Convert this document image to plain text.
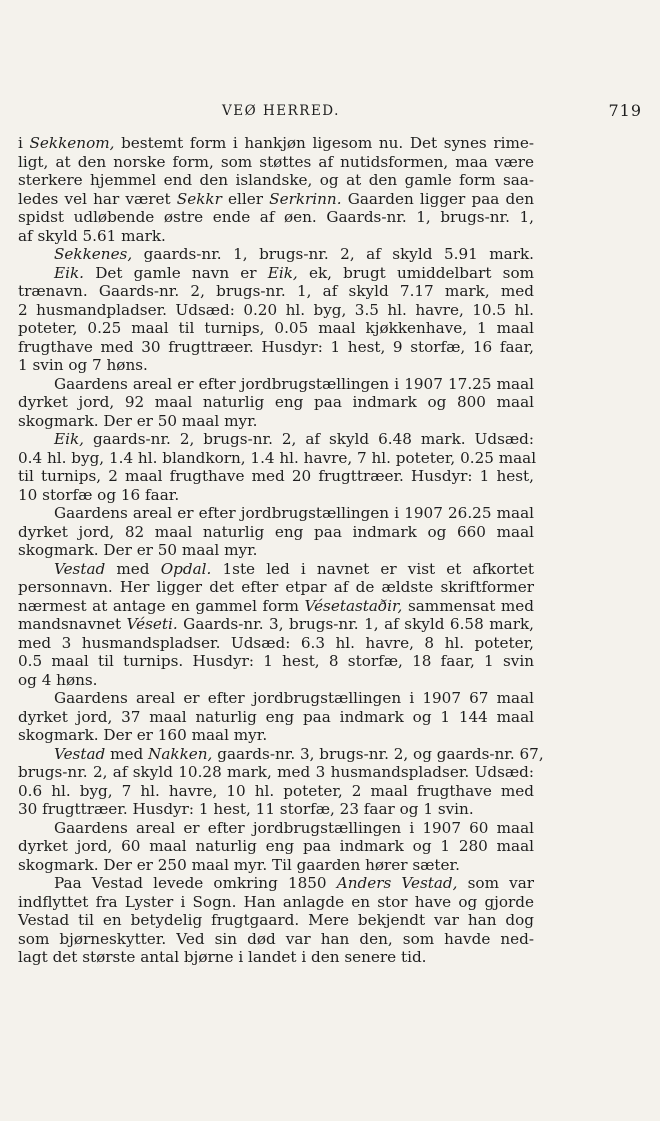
VEØ HERRED.	719
i Sekkenom, bestemt form i hankjøn ligesom nu. Det synes rime-
ligt, at den norske form, som støttes af nutidsformen, maa være
sterkere hjemmel end den islandske, og at den gamle form saa-
ledes vel har været Sekkr eller Serkrinn. Gaarden ligger paa den
spidst udløbende østre ende af øen. Gaards-nr. 1, brugs-nr. 1,
af skyld 5.61 mark.
Sekkenes, gaards-nr. 1, brugs-nr. 2, af skyld 5.91 mark.
Eik. Det gamle navn er Eik, ek, brugt umiddelbart som
trænavn. Gaards-nr. 2, brugs-nr. 1, af skyld 7.17 mark, med
2 husmandpladser. Udsæd: 0.20 hl. byg, 3.5 hl. havre, 10.5 hl.
poteter, 0.25 maal til turnips, 0.05 maal kjøkkenhave, 1 maal
frugthave med 30 frugttræer. Husdyr: 1 hest, 9 storfæ, 16 faar,
1 svin og 7 høns.
Gaardens areal er efter jordbrugstællingen i 1907 17.25 maal
dyrket jord, 92 maal naturlig eng paa indmark og 800 maal
skogmark. Der er 50 maal myr.
Eik, gaards-nr. 2, brugs-nr. 2, af skyld 6.48 mark. Udsæd:
0.4 hl. byg, 1.4 hl. blandkorn, 1.4 hl. havre, 7 hl. poteter, 0.25 maal
til turnips, 2 maal frugthave med 20 frugttræer. Husdyr: 1 hest,
10 storfæ og 16 faar.
Gaardens areal er efter jordbrugstællingen i 1907 26.25 maal
dyrket jord, 82 maal naturlig eng paa indmark og 660 maal
skogmark. Der er 50 maal myr.
Vestad med Opdal. 1ste led i navnet er vist et afkortet
personnavn. Her ligger det efter etpar af de ældste skriftformer
nærmest at antage en gammel form Vésetastaðir, sammensat med
mandsnavnet Véseti. Gaards-nr. 3, brugs-nr. 1, af skyld 6.58 mark,
med 3 husmandspladser. Udsæd: 6.3 hl. havre, 8 hl. poteter,
0.5 maal til turnips. Husdyr: 1 hest, 8 storfæ, 18 faar, 1 svin
og 4 høns.
Gaardens areal er efter jordbrugstællingen i 1907 67 maal
dyrket jord, 37 maal naturlig eng paa indmark og 1 144 maal
skogmark. Der er 160 maal myr.
Vestad med Nakken, gaards-nr. 3, brugs-nr. 2, og gaards-nr. 67,
brugs-nr. 2, af skyld 10.28 mark, med 3 husmandspladser. Udsæd:
0.6 hl. byg, 7 hl. havre, 10 hl. poteter, 2 maal frugthave med
30 frugttræer. Husdyr: 1 hest, 11 storfæ, 23 faar og 1 svin.
Gaardens areal er efter jordbrugstællingen i 1907 60 maal
dyrket jord, 60 maal naturlig eng paa indmark og 1 280 maal
skogmark. Der er 250 maal myr. Til gaarden hører sæter.
Paa Vestad levede omkring 1850 Anders Vestad, som var
indflyttet fra Lyster i Sogn. Han anlagde en stor have og gjorde
Vestad til en betydelig frugtgaard. Mere bekjendt var han dog
som bjørneskytter. Ved sin død var han den, som havde ned-
lagt det største antal bjørne i landet i den senere tid.
